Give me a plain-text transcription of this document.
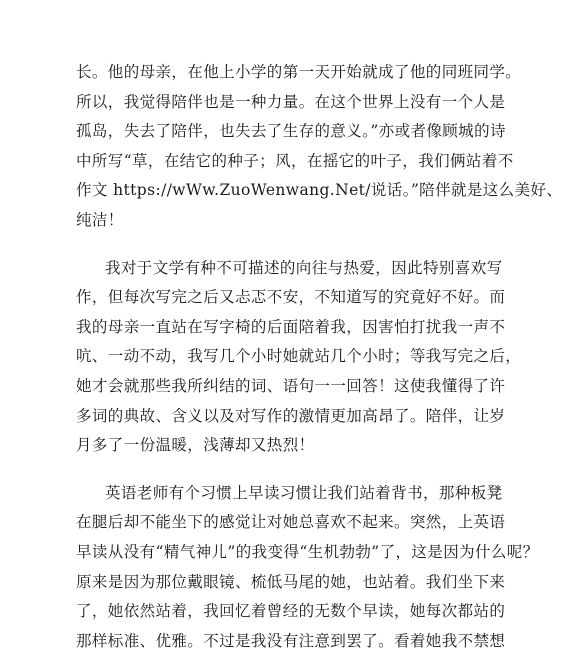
长。他的母亲，在他上小学的第一天开始就成了他的同班同学。
所以，我觉得陪伴也是一种力量。在这个世界上没有一个人是
孤岛，失去了陪伴，也失去了生存的意义。”亦或者像顾城的诗
中所写“草，在结它的种子；风，在摇它的叶子，我们俩站着不
作文 https://wWw.ZuoWenwang.Net/说话。”陪伴就是这么美好、
纯洁！
我对于文学有种不可描述的向往与热爱，因此特别喜欢写
作，但每次写完之后又忐忑不安，不知道写的究竟好不好。而
我的母亲一直站在写字椅的后面陪着我，因害怕打扰我一声不
吭、一动不动，我写几个小时她就站几个小时；等我写完之后，
她才会就那些我所纠结的词、语句一一回答！这使我懂得了许
多词的典故、含义以及对写作的激情更加高昂了。陪伴，让岁
月多了一份温暖，浅薄却又热烈！
英语老师有个习惯上早读习惯让我们站着背书，那种板凳
在腿后却不能坐下的感觉让对她总喜欢不起来。突然，上英语
早读从没有“精气神儿”的我变得“生机勃勃”了，这是因为什么呢？
原来是因为那位戴眼镜、梳低马尾的她，也站着。我们坐下来
了，她依然站着，我回忆着曾经的无数个早读，她每次都站的
那样标准、优雅。不过是我没有注意到罢了。看着她我不禁想
